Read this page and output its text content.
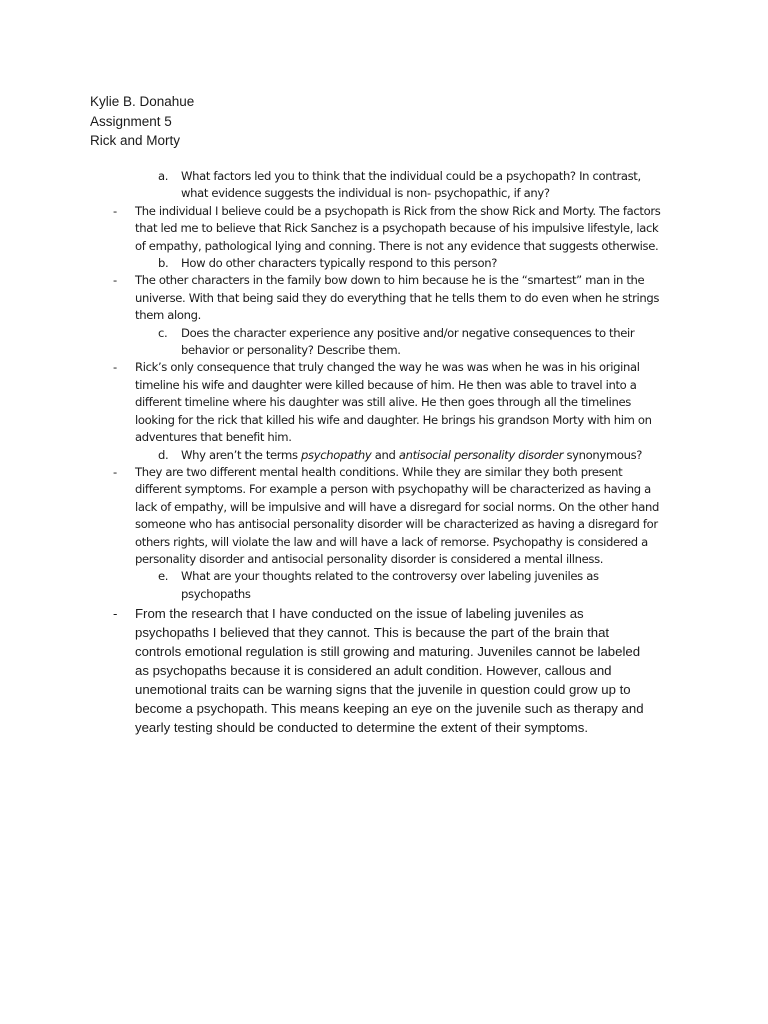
Kylie B. Donahue
Assignment 5
Rick and Morty
a. What factors led you to think that the individual could be a psychopath? In contrast,
what evidence suggests the individual is non- psychopathic, if any?
- The individual I believe could be a psychopath is Rick from the show Rick and Morty. The factors
that led me to believe that Rick Sanchez is a psychopath because of his impulsive lifestyle, lack
of empathy, pathological lying and conning. There is not any evidence that suggests otherwise.
b. How do other characters typically respond to this person?
- The other characters in the family bow down to him because he is the “smartest” man in the
universe. With that being said they do everything that he tells them to do even when he strings
them along.
c. Does the character experience any positive and/or negative consequences to their
behavior or personality? Describe them.
- Rick’s only consequence that truly changed the way he was was when he was in his original
timeline his wife and daughter were killed because of him. He then was able to travel into a
different timeline where his daughter was still alive. He then goes through all the timelines
looking for the rick that killed his wife and daughter. He brings his grandson Morty with him on
adventures that benefit him.
d. Why aren’t the terms psychopathy and antisocial personality disorder synonymous?
- They are two different mental health conditions. While they are similar they both present
different symptoms. For example a person with psychopathy will be characterized as having a
lack of empathy, will be impulsive and will have a disregard for social norms. On the other hand
someone who has antisocial personality disorder will be characterized as having a disregard for
others rights, will violate the law and will have a lack of remorse. Psychopathy is considered a
personality disorder and antisocial personality disorder is considered a mental illness.
e. What are your thoughts related to the controversy over labeling juveniles as
psychopaths
- From the research that I have conducted on the issue of labeling juveniles as
psychopaths I believed that they cannot. This is because the part of the brain that
controls emotional regulation is still growing and maturing. Juveniles cannot be labeled
as psychopaths because it is considered an adult condition. However, callous and
unemotional traits can be warning signs that the juvenile in question could grow up to
become a psychopath. This means keeping an eye on the juvenile such as therapy and
yearly testing should be conducted to determine the extent of their symptoms.
